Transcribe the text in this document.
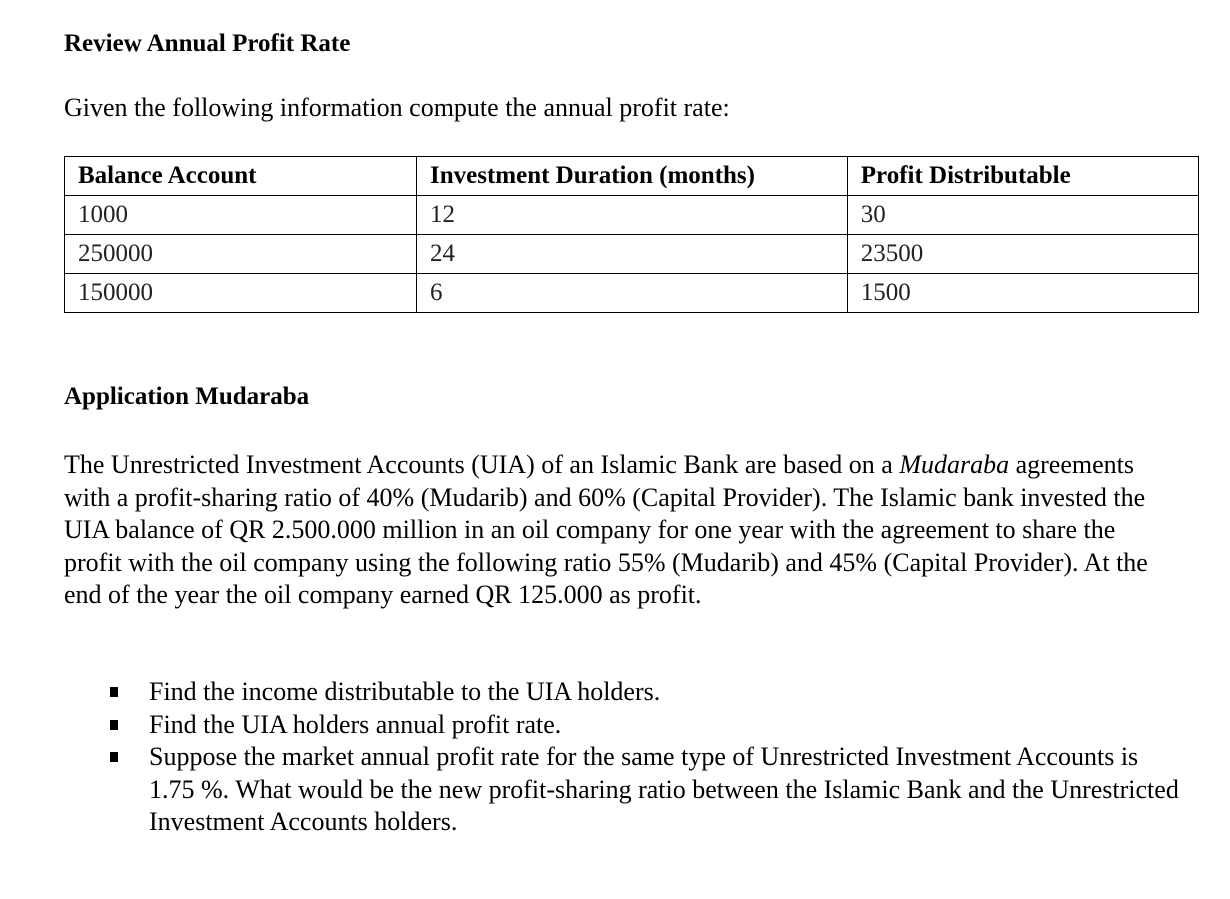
Review Annual Profit Rate

Given the following information compute the annual profit rate:

Balance Account	Investment Duration (months)	Profit Distributable
1000	12	30
250000	24	23500
150000	6	1500
Application Mudaraba

The Unrestricted Investment Accounts (UIA) of an Islamic Bank are based on a Mudaraba agreements with a profit-sharing ratio of 40% (Mudarib) and 60% (Capital Provider). The Islamic bank invested the UIA balance of QR 2.500.000 million in an oil company for one year with the agreement to share the profit with the oil company using the following ratio 55% (Mudarib) and 45% (Capital Provider). At the end of the year the oil company earned QR 125.000 as profit.

Find the income distributable to the UIA holders.
Find the UIA holders annual profit rate.
Suppose the market annual profit rate for the same type of Unrestricted Investment Accounts is 1.75 %. What would be the new profit-sharing ratio between the Islamic Bank and the Unrestricted Investment Accounts holders.
